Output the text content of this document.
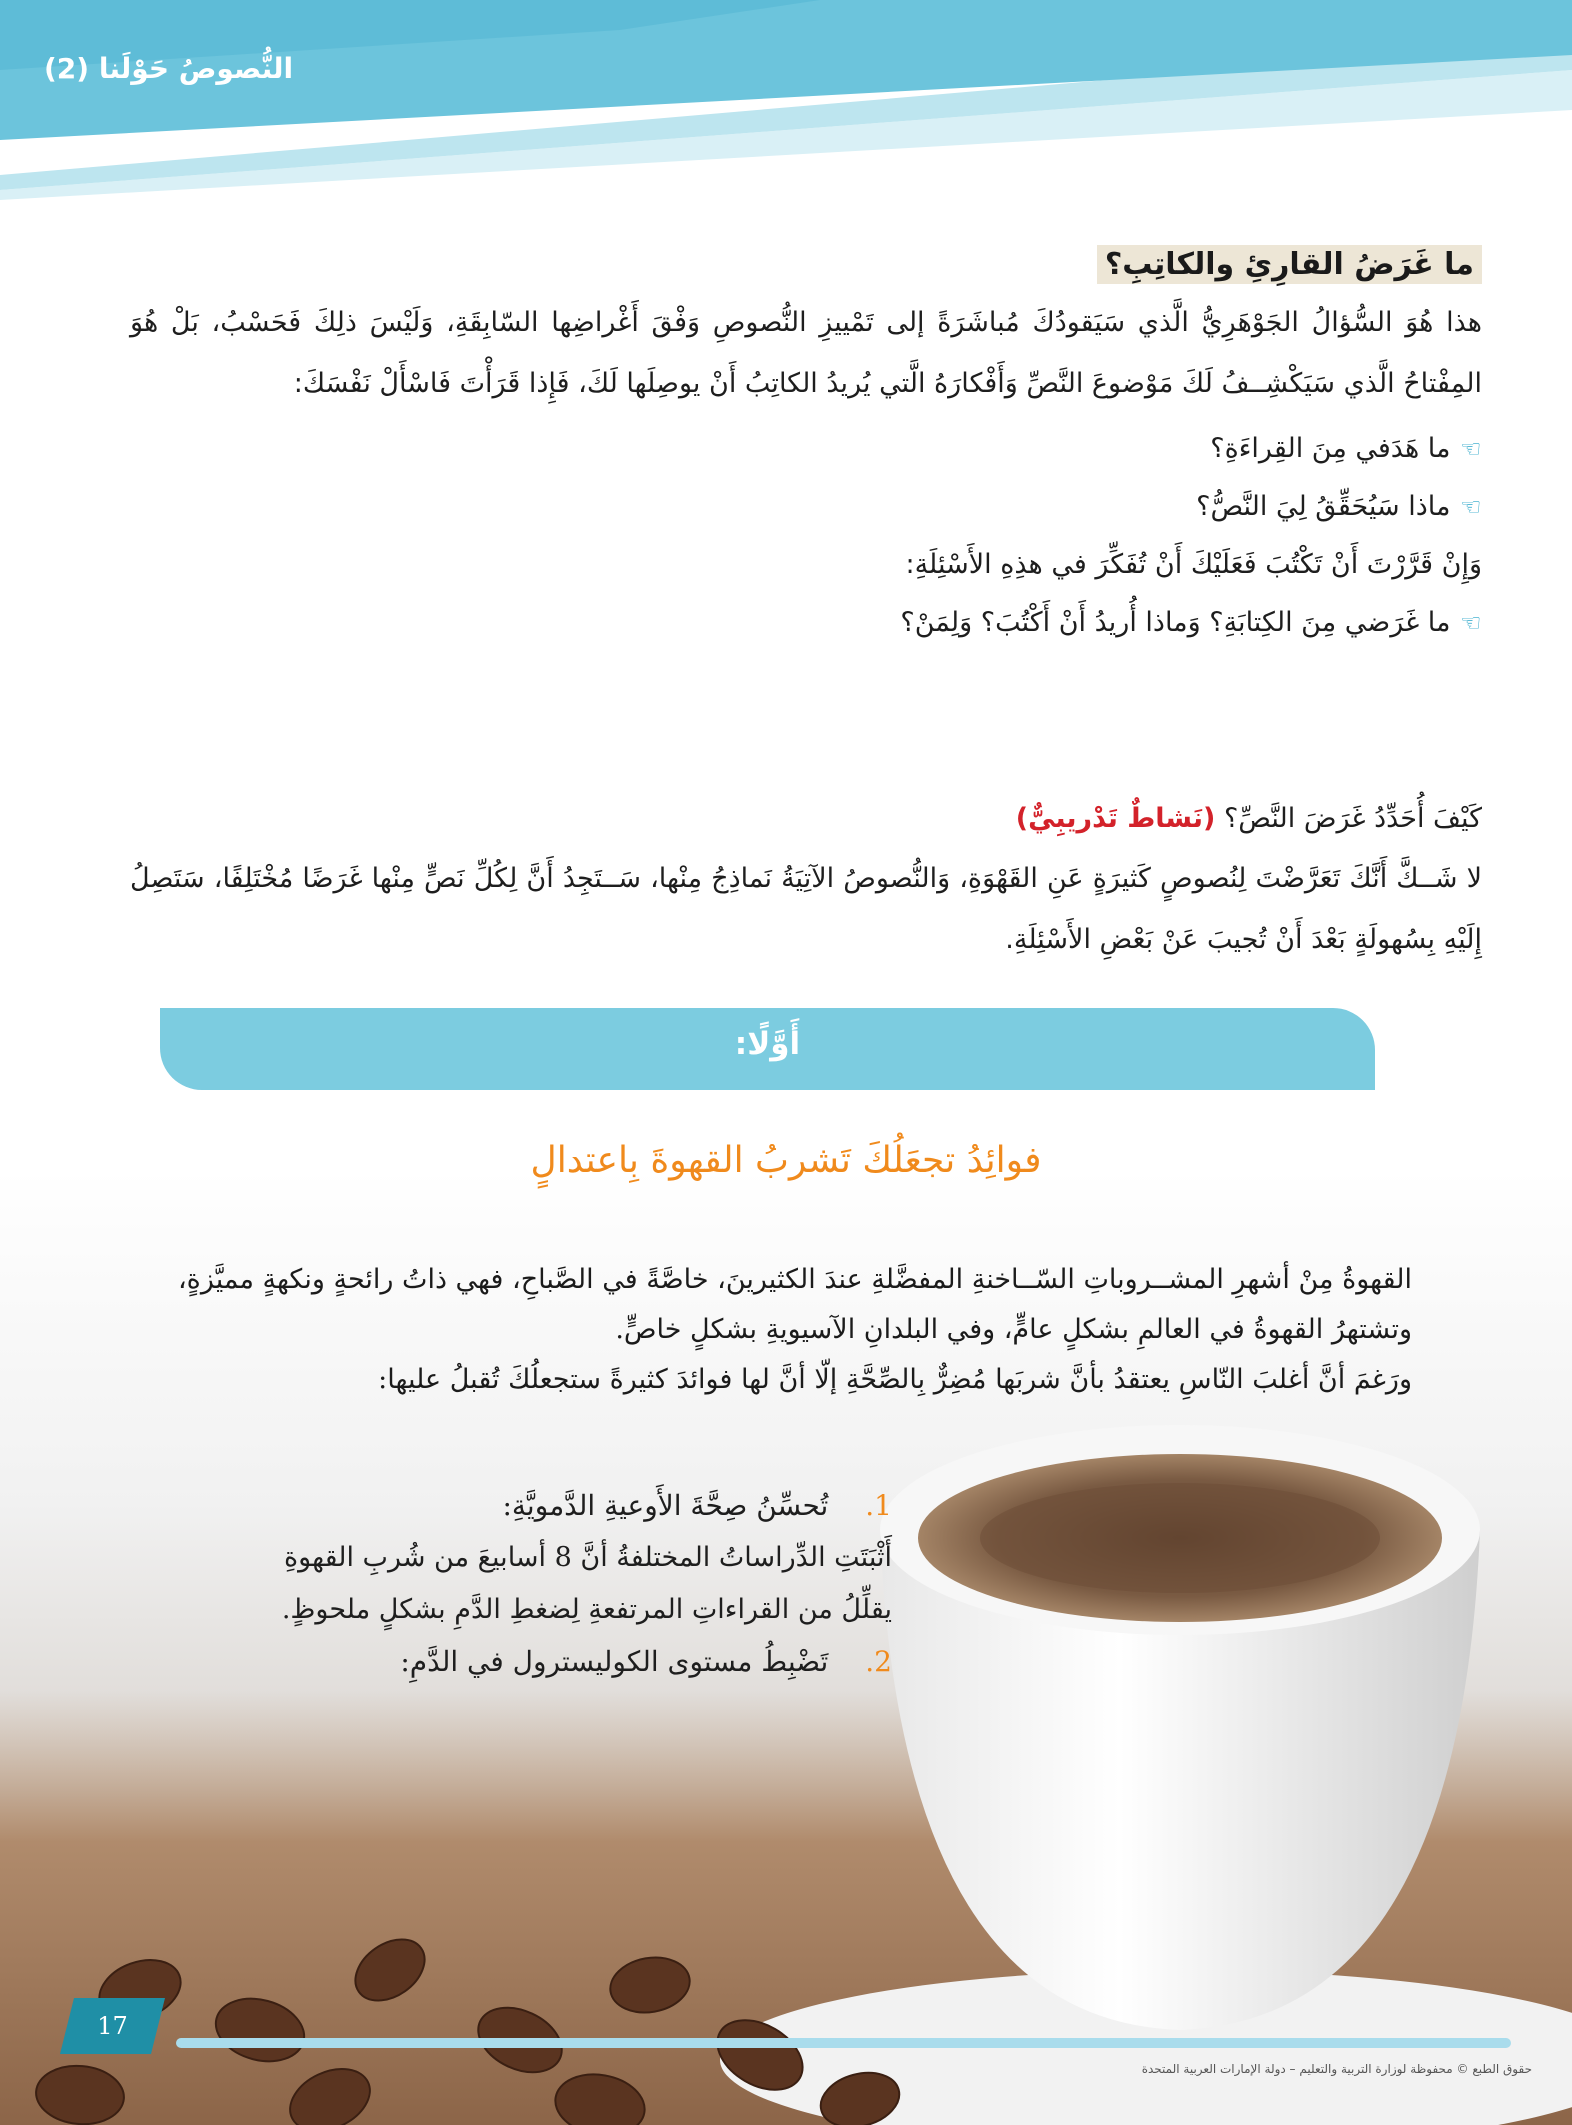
النُّصوصُ حَوْلَنا (2)
ما غَرَضُ القارِئِ والكاتِبِ؟

هذا هُوَ السُّؤالُ الجَوْهَرِيُّ الَّذي سَيَقودُكَ مُباشَرَةً إلى تَمْييزِ النُّصوصِ وَفْقَ أَغْراضِها السّابِقَةِ، وَلَيْسَ ذلِكَ فَحَسْبُ، بَلْ هُوَ المِفْتاحُ الَّذي سَيَكْشِــفُ لَكَ مَوْضوعَ النَّصِّ وَأَفْكارَهُ الَّتي يُريدُ الكاتِبُ أَنْ يوصِلَها لَكَ، فَإِذا قَرَأْتَ فَاسْأَلْ نَفْسَكَ:

☞
ما هَدَفي مِنَ القِراءَةِ؟
☞
ماذا سَيُحَقِّقُ لِيَ النَّصُّ؟
وَإِنْ قَرَّرْتَ أَنْ تَكْتُبَ فَعَلَيْكَ أَنْ تُفَكِّرَ في هذِهِ الأَسْئِلَةِ:
☞
ما غَرَضي مِنَ الكِتابَةِ؟ وَماذا أُريدُ أَنْ أَكْتُبَ؟ وَلِمَنْ؟
كَيْفَ أُحَدِّدُ غَرَضَ النَّصِّ؟ (نَشاطٌ تَدْريبِيٌّ)

لا شَــكَّ أَنَّكَ تَعَرَّضْتَ لِنُصوصٍ كَثيرَةٍ عَنِ القَهْوَةِ، وَالنُّصوصُ الآتِيَةُ نَماذِجُ مِنْها، سَــتَجِدُ أَنَّ لِكُلِّ نَصٍّ مِنْها غَرَضًا مُخْتَلِفًا، سَتَصِلُ إِلَيْهِ بِسُهولَةٍ بَعْدَ أَنْ تُجيبَ عَنْ بَعْضِ الأَسْئِلَةِ.

أَوَّلًا:
فوائِدُ تجعَلُكَ تَشربُ القهوةَ بِاعتدالٍ

القهوةُ مِنْ أشهرِ المشــروباتِ السّــاخنةِ المفضَّلةِ عندَ الكثيرينَ، خاصَّةً في الصَّباحِ، فهي ذاتُ رائحةٍ ونكهةٍ مميَّزةٍ، وتشتهرُ القهوةُ في العالمِ بشكلٍ عامٍّ، وفي البلدانِ الآسيويةِ بشكلٍ خاصٍّ.

ورَغمَ أنَّ أغلبَ النّاسِ يعتقدُ بأنَّ شربَها مُضِرٌّ بِالصِّحَّةِ إلّا أنَّ لها فوائدَ كثيرةً ستجعلُكَ تُقبلُ عليها:

1. تُحسِّنُ صِحَّةَ الأَوعيةِ الدَّمويَّةِ:

أَثْبَتَتِ الدِّراساتُ المختلفةُ أنَّ 8 أسابيعَ من شُربِ القهوةِ يقلِّلُ من القراءاتِ المرتفعةِ لِضغطِ الدَّمِ بشكلٍ ملحوظٍ.

2. تَضْبِطُ مستوى الكوليسترول في الدَّمِ:
17
حقوق الطبع © محفوظة لوزارة التربية والتعليم – دولة الإمارات العربية المتحدة
